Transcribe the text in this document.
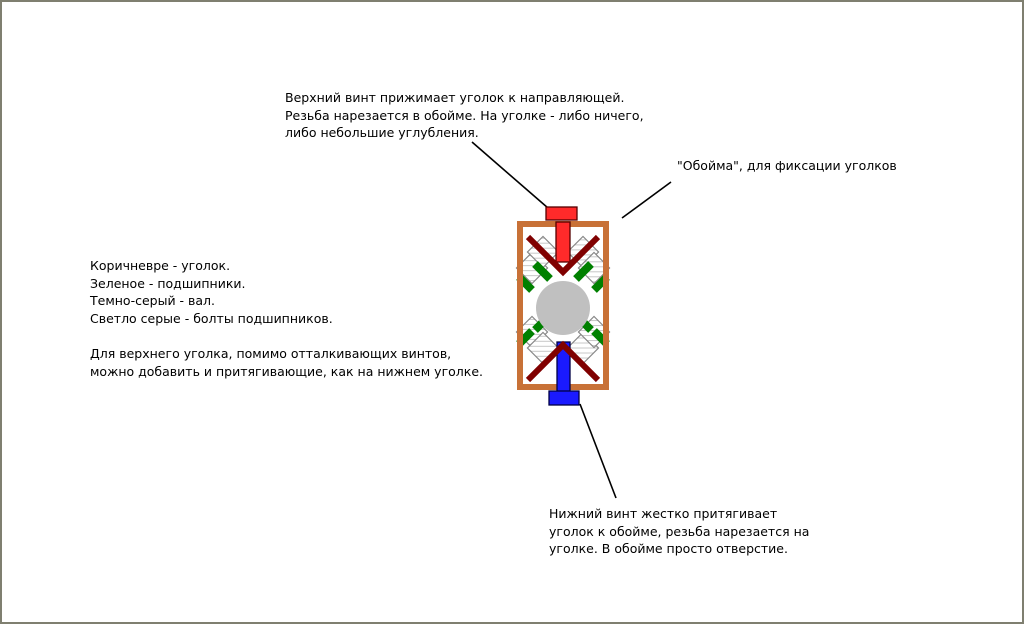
Верхний винт прижимает уголок к направляющей.
Резьба нарезается в обойме. На уголке - либо ничего,
либо небольшие углубления.
"Обойма", для фиксации уголков
Коричневре - уголок.
Зеленое - подшипники.
Темно-серый - вал.
Светло серые - болты подшипников.
Для верхнего уголка, помимо отталкивающих винтов,
можно добавить и притягивающие, как на нижнем уголке.
Нижний винт жестко притягивает
уголок к обойме, резьба нарезается на
уголке. В обойме просто отверстие.
